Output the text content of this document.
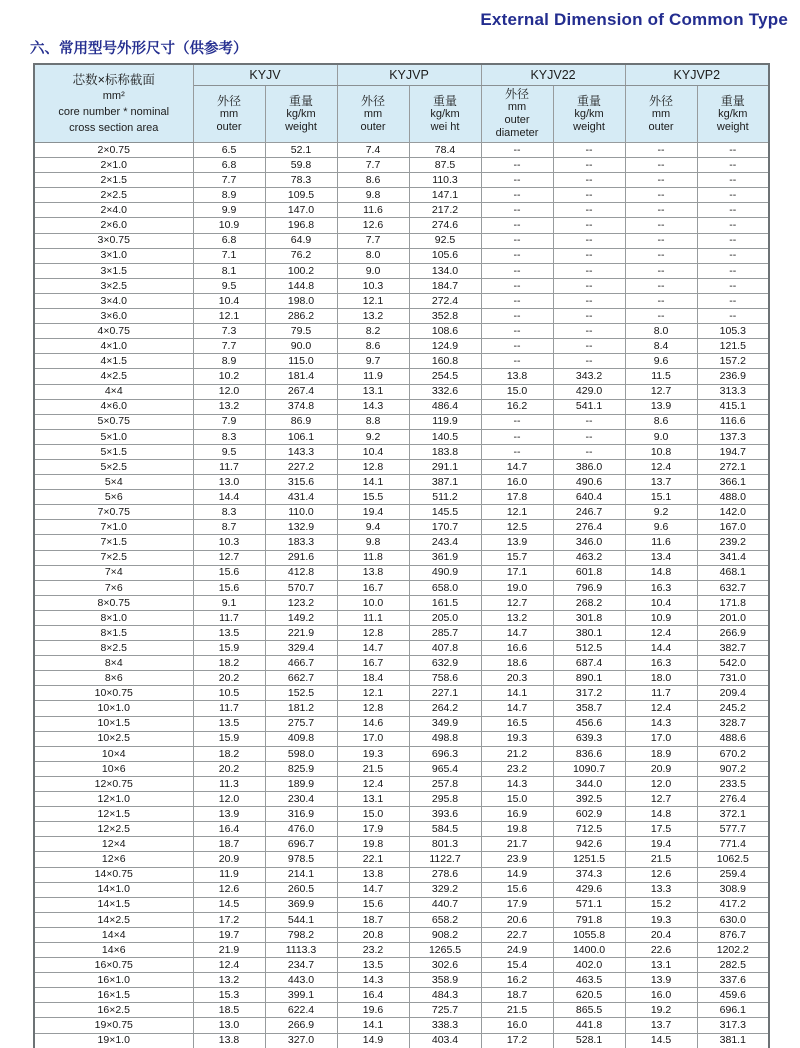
External Dimension of Common Type
六、常用型号外形尺寸（供参考）
芯数×标称截面
mm²
core number * nominal
cross section area	KYJV		KYJVP		KYJV22		KYJVP2	

外径
mm
outer

重量
kg/km
weight

外径
mm
outer

重量
kg/km
wei ht

外径
mm
outer
diameter

重量
kg/km
weight

外径
mm
outer

重量
kg/km
weight

2×0.75	6.5	52.1	7.4	78.4	--	--	--	--
2×1.0	6.8	59.8	7.7	87.5	--	--	--	--
2×1.5	7.7	78.3	8.6	110.3	--	--	--	--
2×2.5	8.9	109.5	9.8	147.1	--	--	--	--
2×4.0	9.9	147.0	11.6	217.2	--	--	--	--
2×6.0	10.9	196.8	12.6	274.6	--	--	--	--
3×0.75	6.8	64.9	7.7	92.5	--	--	--	--
3×1.0	7.1	76.2	8.0	105.6	--	--	--	--
3×1.5	8.1	100.2	9.0	134.0	--	--	--	--
3×2.5	9.5	144.8	10.3	184.7	--	--	--	--
3×4.0	10.4	198.0	12.1	272.4	--	--	--	--
3×6.0	12.1	286.2	13.2	352.8	--	--	--	--
4×0.75	7.3	79.5	8.2	108.6	--	--	8.0	105.3
4×1.0	7.7	90.0	8.6	124.9	--	--	8.4	121.5
4×1.5	8.9	115.0	9.7	160.8	--	--	9.6	157.2
4×2.5	10.2	181.4	11.9	254.5	13.8	343.2	11.5	236.9
4×4	12.0	267.4	13.1	332.6	15.0	429.0	12.7	313.3
4×6.0	13.2	374.8	14.3	486.4	16.2	541.1	13.9	415.1
5×0.75	7.9	86.9	8.8	119.9	--	--	8.6	116.6
5×1.0	8.3	106.1	9.2	140.5	--	--	9.0	137.3
5×1.5	9.5	143.3	10.4	183.8	--	--	10.8	194.7
5×2.5	11.7	227.2	12.8	291.1	14.7	386.0	12.4	272.1
5×4	13.0	315.6	14.1	387.1	16.0	490.6	13.7	366.1
5×6	14.4	431.4	15.5	511.2	17.8	640.4	15.1	488.0
7×0.75	8.3	110.0	19.4	145.5	12.1	246.7	9.2	142.0
7×1.0	8.7	132.9	9.4	170.7	12.5	276.4	9.6	167.0
7×1.5	10.3	183.3	9.8	243.4	13.9	346.0	11.6	239.2
7×2.5	12.7	291.6	11.8	361.9	15.7	463.2	13.4	341.4
7×4	15.6	412.8	13.8	490.9	17.1	601.8	14.8	468.1
7×6	15.6	570.7	16.7	658.0	19.0	796.9	16.3	632.7
8×0.75	9.1	123.2	10.0	161.5	12.7	268.2	10.4	171.8
8×1.0	11.7	149.2	11.1	205.0	13.2	301.8	10.9	201.0
8×1.5	13.5	221.9	12.8	285.7	14.7	380.1	12.4	266.9
8×2.5	15.9	329.4	14.7	407.8	16.6	512.5	14.4	382.7
8×4	18.2	466.7	16.7	632.9	18.6	687.4	16.3	542.0
8×6	20.2	662.7	18.4	758.6	20.3	890.1	18.0	731.0
10×0.75	10.5	152.5	12.1	227.1	14.1	317.2	11.7	209.4
10×1.0	11.7	181.2	12.8	264.2	14.7	358.7	12.4	245.2
10×1.5	13.5	275.7	14.6	349.9	16.5	456.6	14.3	328.7
10×2.5	15.9	409.8	17.0	498.8	19.3	639.3	17.0	488.6
10×4	18.2	598.0	19.3	696.3	21.2	836.6	18.9	670.2
10×6	20.2	825.9	21.5	965.4	23.2	1090.7	20.9	907.2
12×0.75	11.3	189.9	12.4	257.8	14.3	344.0	12.0	233.5
12×1.0	12.0	230.4	13.1	295.8	15.0	392.5	12.7	276.4
12×1.5	13.9	316.9	15.0	393.6	16.9	602.9	14.8	372.1
12×2.5	16.4	476.0	17.9	584.5	19.8	712.5	17.5	577.7
12×4	18.7	696.7	19.8	801.3	21.7	942.6	19.4	771.4
12×6	20.9	978.5	22.1	1122.7	23.9	1251.5	21.5	1062.5
14×0.75	11.9	214.1	13.8	278.6	14.9	374.3	12.6	259.4
14×1.0	12.6	260.5	14.7	329.2	15.6	429.6	13.3	308.9
14×1.5	14.5	369.9	15.6	440.7	17.9	571.1	15.2	417.2
14×2.5	17.2	544.1	18.7	658.2	20.6	791.8	19.3	630.0
14×4	19.7	798.2	20.8	908.2	22.7	1055.8	20.4	876.7
14×6	21.9	1113.3	23.2	1265.5	24.9	1400.0	22.6	1202.2
16×0.75	12.4	234.7	13.5	302.6	15.4	402.0	13.1	282.5
16×1.0	13.2	443.0	14.3	358.9	16.2	463.5	13.9	337.6
16×1.5	15.3	399.1	16.4	484.3	18.7	620.5	16.0	459.6
16×2.5	18.5	622.4	19.6	725.7	21.5	865.5	19.2	696.1
19×0.75	13.0	266.9	14.1	338.3	16.0	441.8	13.7	317.3
19×1.0	13.8	327.0	14.9	403.4	17.2	528.1	14.5	381.1
